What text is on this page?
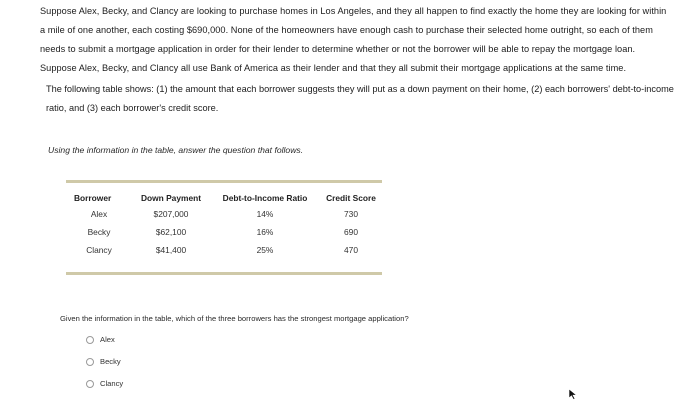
Suppose Alex, Becky, and Clancy are looking to purchase homes in Los Angeles, and they all happen to find exactly the home they are looking for within a mile of one another, each costing $690,000. None of the homeowners have enough cash to purchase their selected home outright, so each of them needs to submit a mortgage application in order for their lender to determine whether or not the borrower will be able to repay the mortgage loan. Suppose Alex, Becky, and Clancy all use Bank of America as their lender and that they all submit their mortgage applications at the same time.
The following table shows: (1) the amount that each borrower suggests they will put as a down payment on their home, (2) each borrowers' debt-to-income ratio, and (3) each borrower's credit score.
Using the information in the table, answer the question that follows.
Borrower	Down Payment	Debt-to-Income Ratio	Credit Score
Alex	$207,000	14%	730
Becky	$62,100	16%	690
Clancy	$41,400	25%	470
Given the information in the table, which of the three borrowers has the strongest mortgage application?
Alex
Becky
Clancy
